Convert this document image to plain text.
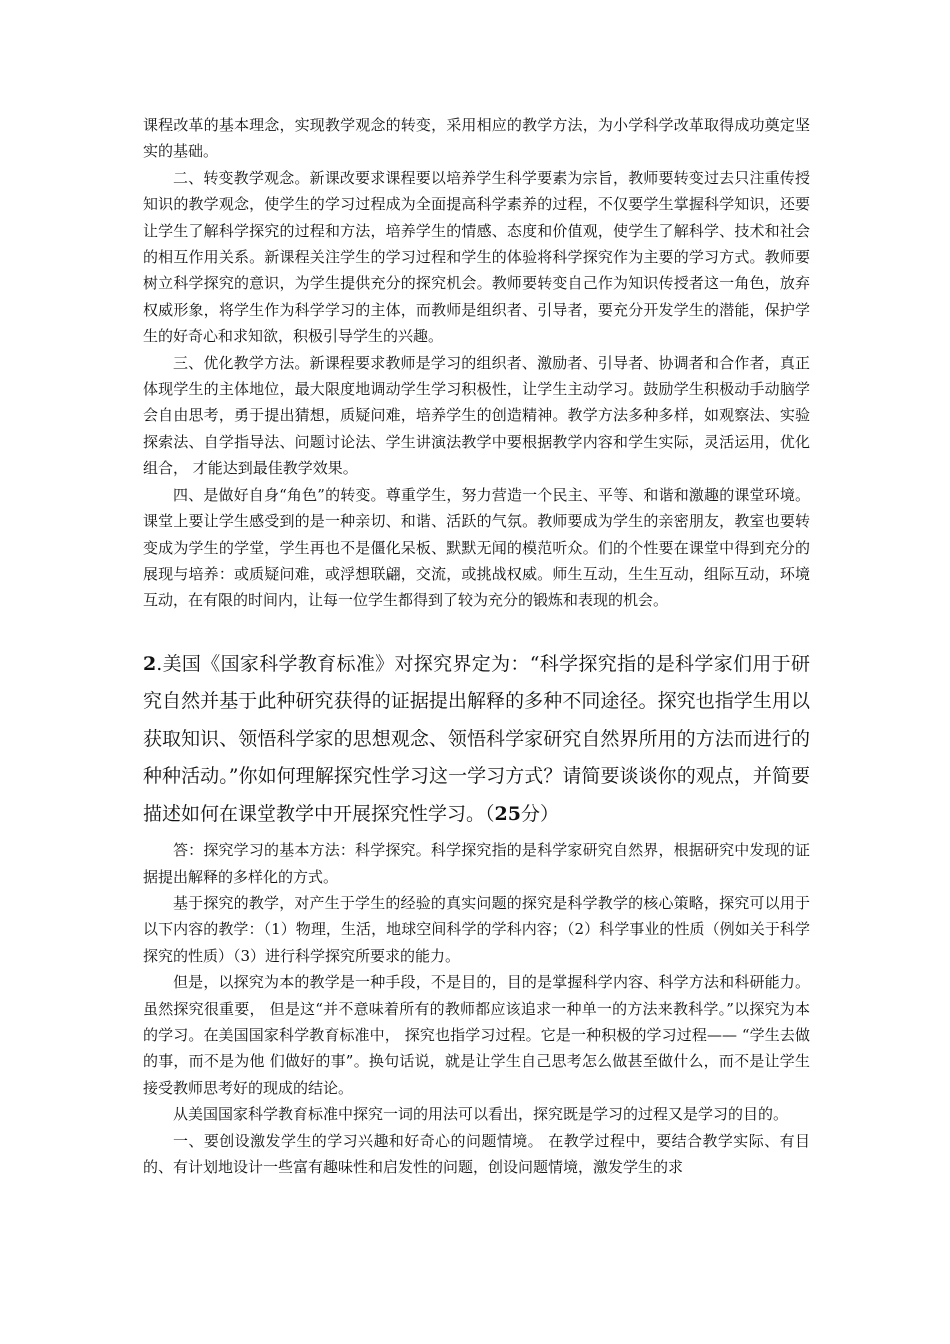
课程改革的基本理念，实现教学观念的转变，采用相应的教学方法，为小学科学改革取得成功奠定坚实的基础。

二、转变教学观念。新课改要求课程要以培养学生科学要素为宗旨，教师要转变过去只注重传授知识的教学观念，使学生的学习过程成为全面提高科学素养的过程，不仅要学生掌握科学知识，还要让学生了解科学探究的过程和方法，培养学生的情感、态度和价值观，使学生了解科学、技术和社会的相互作用关系。新课程关注学生的学习过程和学生的体验将科学探究作为主要的学习方式。教师要树立科学探究的意识，为学生提供充分的探究机会。教师要转变自己作为知识传授者这一角色，放弃权威形象，将学生作为科学学习的主体，而教师是组织者、引导者，要充分开发学生的潜能，保护学生的好奇心和求知欲，积极引导学生的兴趣。

三、优化教学方法。新课程要求教师是学习的组织者、激励者、引导者、协调者和合作者，真正体现学生的主体地位，最大限度地调动学生学习积极性，让学生主动学习。鼓励学生积极动手动脑学会自由思考，勇于提出猜想，质疑问难，培养学生的创造精神。教学方法多种多样，如观察法、实验探索法、自学指导法、问题讨论法、学生讲演法教学中要根据教学内容和学生实际，灵活运用，优化组合， 才能达到最佳教学效果。

四、是做好自身“角色”的转变。尊重学生，努力营造一个民主、平等、和谐和激趣的课堂环境。课堂上要让学生感受到的是一种亲切、和谐、活跃的气氛。教师要成为学生的亲密朋友，教室也要转变成为学生的学堂，学生再也不是僵化呆板、默默无闻的模范听众。们的个性要在课堂中得到充分的展现与培养：或质疑问难，或浮想联翩，交流，或挑战权威。师生互动，生生互动，组际互动，环境互动，在有限的时间内，让每一位学生都得到了较为充分的锻炼和表现的机会。

2.美国《国家科学教育标准》对探究界定为：“科学探究指的是科学家们用于研究自然并基于此种研究获得的证据提出解释的多种不同途径。探究也指学生用以获取知识、领悟科学家的思想观念、领悟科学家研究自然界所用的方法而进行的种种活动。”你如何理解探究性学习这一学习方式？请简要谈谈你的观点，并简要描述如何在课堂教学中开展探究性学习。（25分）

答：探究学习的基本方法：科学探究。科学探究指的是科学家研究自然界，根据研究中发现的证据提出解释的多样化的方式。

基于探究的教学，对产生于学生的经验的真实问题的探究是科学教学的核心策略，探究可以用于以下内容的教学：（1）物理，生活，地球空间科学的学科内容；（2）科学事业的性质（例如关于科学探究的性质）（3）进行科学探究所要求的能力。

但是，以探究为本的教学是一种手段，不是目的，目的是掌握科学内容、科学方法和科研能力。虽然探究很重要， 但是这“并不意味着所有的教师都应该追求一种单一的方法来教科学。”以探究为本的学习。在美国国家科学教育标准中， 探究也指学习过程。它是一种积极的学习过程—— “学生去做的事，而不是为他 们做好的事”。换句话说，就是让学生自己思考怎么做甚至做什么，而不是让学生接受教师思考好的现成的结论。

从美国国家科学教育标准中探究一词的用法可以看出，探究既是学习的过程又是学习的目的。

一、要创设激发学生的学习兴趣和好奇心的问题情境。 在教学过程中，要结合教学实际、有目的、有计划地设计一些富有趣味性和启发性的问题，创设问题情境，激发学生的求
